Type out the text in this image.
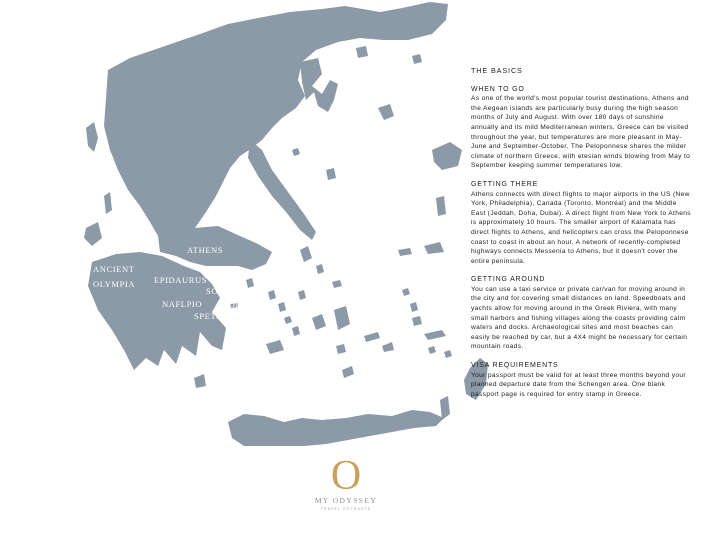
ATHENS
ANCIENT
OLYMPIA EPIDAURUS
SOUNIO
NAFLPIO YDRA
SPETSES

THE BASICS

WHEN TO GO

As one of the world's most popular tourist destinations, Athens and the Aegean islands are particularly busy during the high season months of July and August. With over 180 days of sunshine annually and its mild Mediterranean winters, Greece can be visited throughout the year, but temperatures are more pleasant in May-June and September-October. The Peloponnese shares the milder climate of northern Greece, with etesian winds blowing from May to September keeping summer temperatures low.

GETTING THERE

Athens connects with direct flights to major airports in the US (New York, Philadelphia), Canada (Toronto, Montréal) and the Middle East (Jeddah, Doha, Dubai). A direct flight from New York to Athens is approximately 10 hours. The smaller airport of Kalamata has direct flights to Athens, and helicopters can cross the Peloponnese coast to coast in about an hour. A network of recently-completed highways connects Messenia to Athens, but it doesn't cover the entire peninsula.

GETTING AROUND

You can use a taxi service or private car/van for moving around in the city and for covering small distances on land. Speedboats and yachts allow for moving around in the Greek Riviera, with many small harbors and fishing villages along the coasts providing calm waters and docks. Archaeological sites and most beaches can easily be reached by car, but a 4X4 might be necessary for certain mountain roads.

VISA REQUIREMENTS

Your passport must be valid for at least three months beyond your planned departure date from the Schengen area. One blank passport page is required for entry stamp in Greece.

O
MY ODYSSEY
TRAVEL RETREATS
